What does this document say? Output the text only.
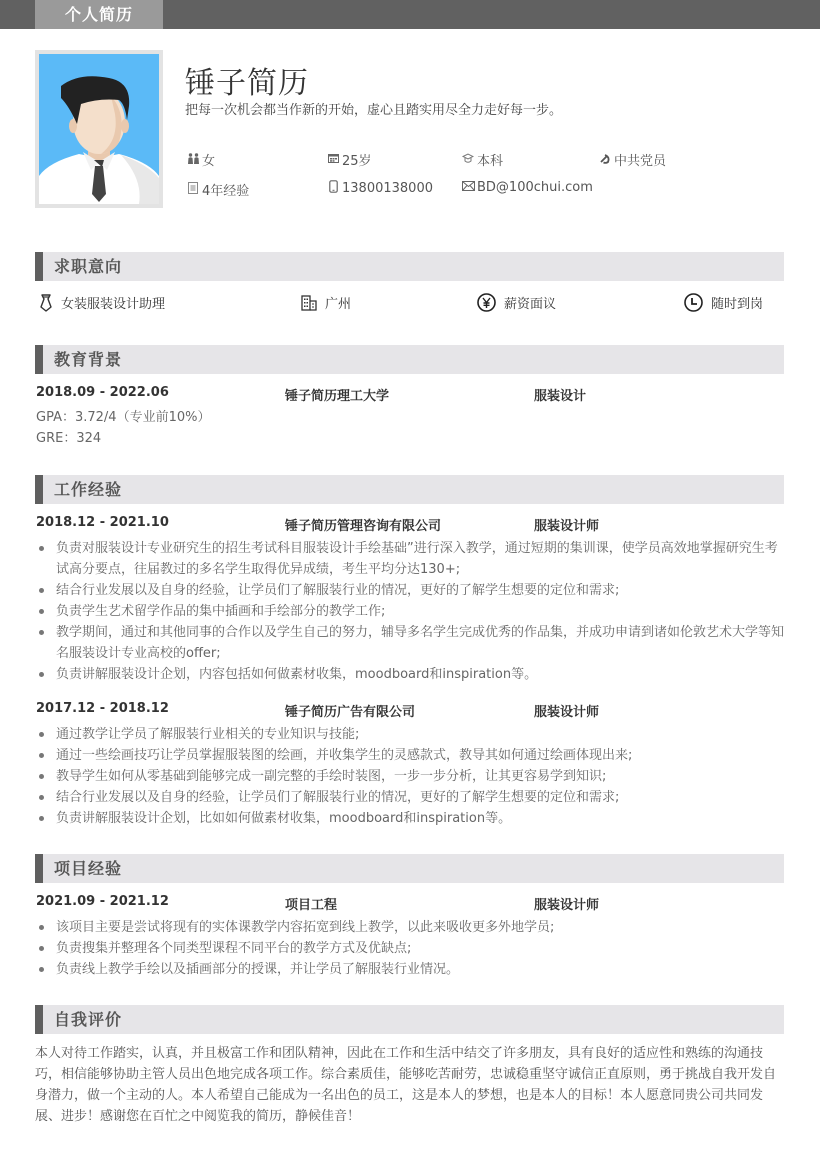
个人简历
锤子简历
把每一次机会都当作新的开始，虚心且踏实用尽全力走好每一步。
女	25岁	本科	中共党员
4年经验	13800138000	BD@100chui.com
求职意向
女装服装设计助理	广州	薪资面议	随时到岗
教育背景
2018.09 - 2022.06	锤子简历理工大学	服装设计
GPA：3.72/4（专业前10%）
GRE：324
工作经验
2018.12 - 2021.10	锤子简历管理咨询有限公司	服装设计师
负责对服装设计专业研究生的招生考试科目服装设计手绘基础”进行深入教学，通过短期的集训课，使学员高效地掌握研究生考试高分要点，往届教过的多名学生取得优异成绩，考生平均分达130+;
结合行业发展以及自身的经验，让学员们了解服装行业的情况，更好的了解学生想要的定位和需求;
负责学生艺术留学作品的集中插画和手绘部分的教学工作;
教学期间，通过和其他同事的合作以及学生自己的努力，辅导多名学生完成优秀的作品集，并成功申请到诸如伦敦艺术大学等知名服装设计专业高校的offer;
负责讲解服装设计企划，内容包括如何做素材收集，moodboard和inspiration等。
2017.12 - 2018.12	锤子简历广告有限公司	服装设计师
通过教学让学员了解服装行业相关的专业知识与技能;
通过一些绘画技巧让学员掌握服装图的绘画，并收集学生的灵感款式，教导其如何通过绘画体现出来;
教导学生如何从零基础到能够完成一副完整的手绘时装图，一步一步分析，让其更容易学到知识;
结合行业发展以及自身的经验，让学员们了解服装行业的情况，更好的了解学生想要的定位和需求;
负责讲解服装设计企划，比如如何做素材收集，moodboard和inspiration等。
项目经验
2021.09 - 2021.12	项目工程	服装设计师
该项目主要是尝试将现有的实体课教学内容拓宽到线上教学，以此来吸收更多外地学员;
负责搜集并整理各个同类型课程不同平台的教学方式及优缺点;
负责线上教学手绘以及插画部分的授课，并让学员了解服装行业情况。
自我评价
本人对待工作踏实，认真，并且极富工作和团队精神，因此在工作和生活中结交了许多朋友，具有良好的适应性和熟练的沟通技巧，相信能够协助主管人员出色地完成各项工作。综合素质佳，能够吃苦耐劳，忠诚稳重坚守诚信正直原则，勇于挑战自我开发自身潜力，做一个主动的人。本人希望自己能成为一名出色的员工，这是本人的梦想，也是本人的目标！本人愿意同贵公司共同发展、进步！感谢您在百忙之中阅览我的简历，静候佳音！
